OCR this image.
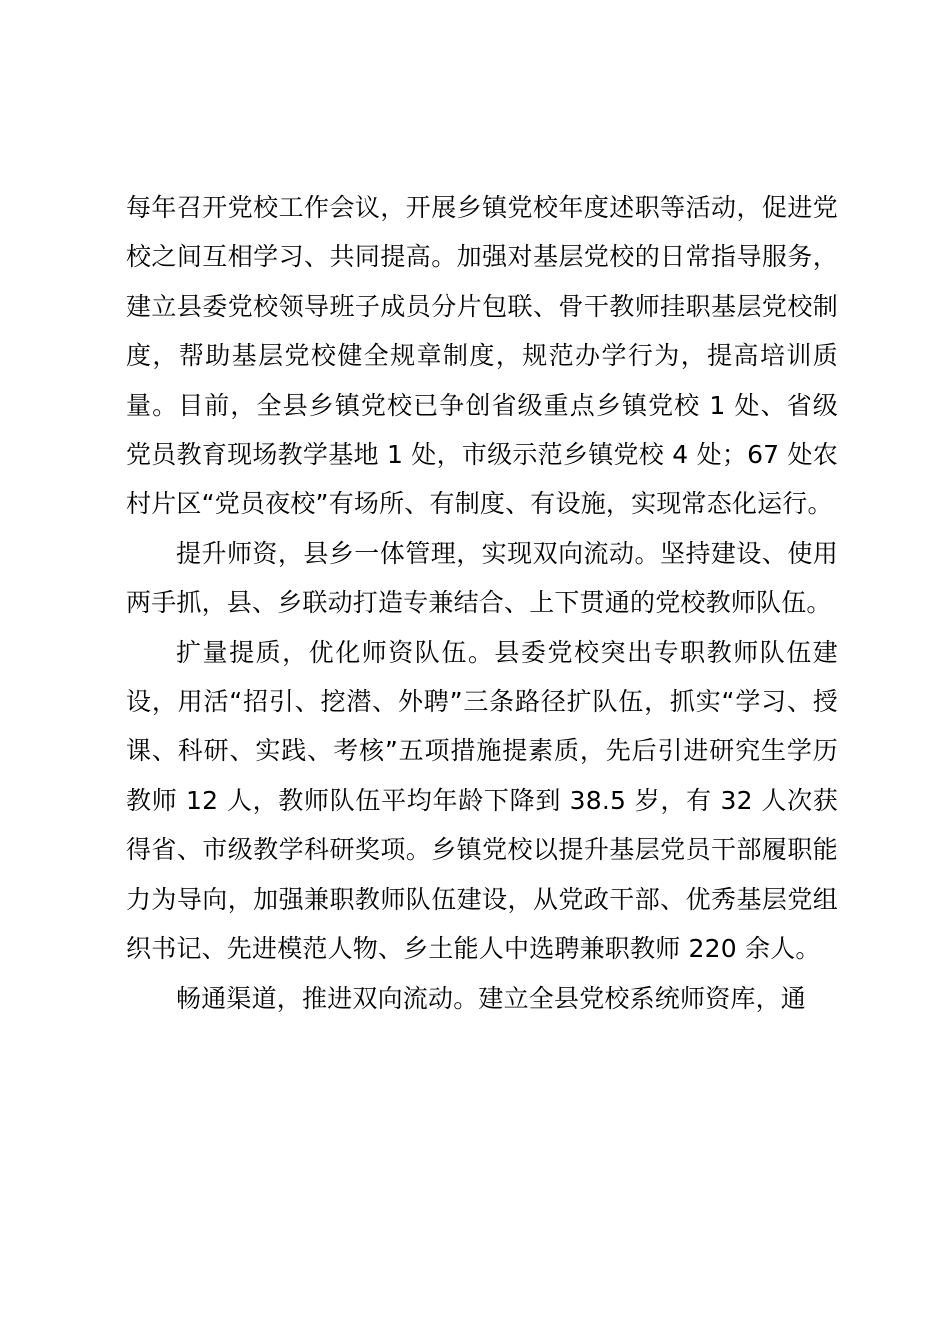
每年召开党校工作会议，开展乡镇党校年度述职等活动，促进党校之间互相学习、共同提高。加强对基层党校的日常指导服务，建立县委党校领导班子成员分片包联、骨干教师挂职基层党校制度，帮助基层党校健全规章制度，规范办学行为，提高培训质量。目前，全县乡镇党校已争创省级重点乡镇党校 1 处、省级党员教育现场教学基地 1 处，市级示范乡镇党校 4 处；67 处农村片区“党员夜校”有场所、有制度、有设施，实现常态化运行。

提升师资，县乡一体管理，实现双向流动。坚持建设、使用两手抓，县、乡联动打造专兼结合、上下贯通的党校教师队伍。

扩量提质，优化师资队伍。县委党校突出专职教师队伍建设，用活“招引、挖潜、外聘”三条路径扩队伍，抓实“学习、授课、科研、实践、考核”五项措施提素质，先后引进研究生学历教师 12 人，教师队伍平均年龄下降到 38.5 岁，有 32 人次获得省、市级教学科研奖项。乡镇党校以提升基层党员干部履职能力为导向，加强兼职教师队伍建设，从党政干部、优秀基层党组织书记、先进模范人物、乡土能人中选聘兼职教师 220 余人。

畅通渠道，推进双向流动。建立全县党校系统师资库，通
